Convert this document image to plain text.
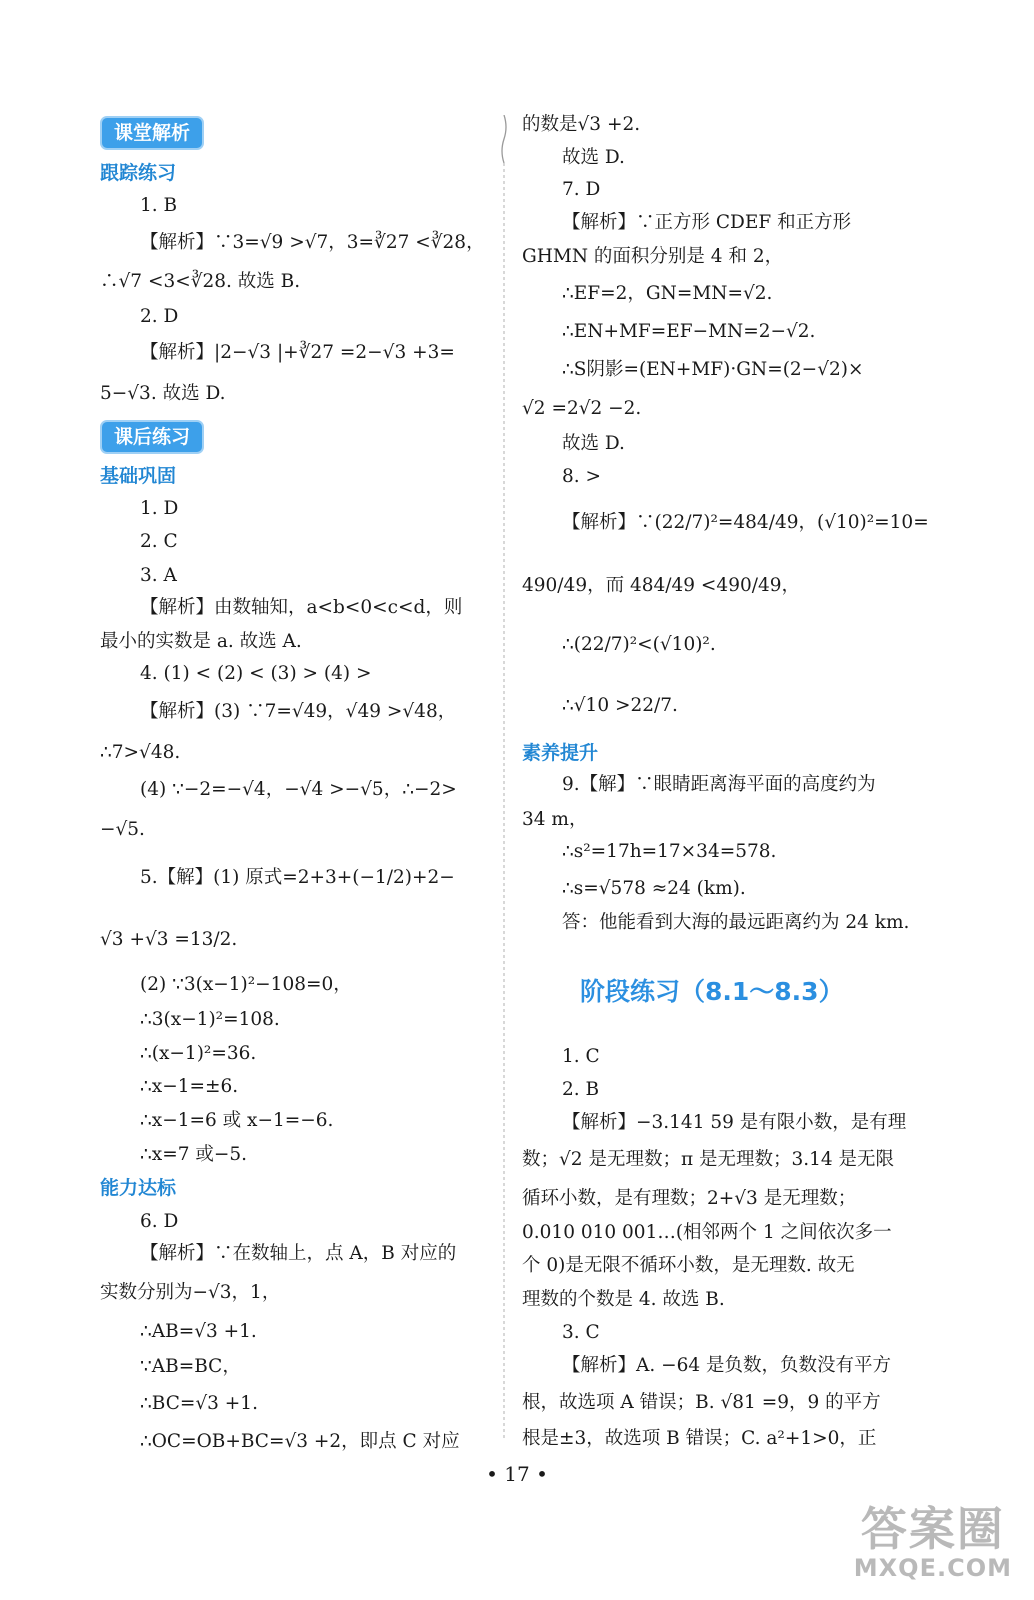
课堂解析
跟踪练习
1. B
【解析】∵3=√9 >√7，3=∛27 <∛28，
∴√7 <3<∛28. 故选 B.
2. D
【解析】|2−√3 |+∛27 =2−√3 +3=
5−√3. 故选 D.
课后练习
基础巩固
1. D
2. C
3. A
【解析】由数轴知，a<b<0<c<d，则
最小的实数是 a. 故选 A.
4. (1) < (2) < (3) > (4) >
【解析】(3) ∵7=√49，√49 >√48，
∴7>√48.
(4) ∵−2=−√4，−√4 >−√5，∴−2>
−√5.
5.【解】(1) 原式=2+3+(−1/2)+2−
√3 +√3 =13/2.
(2) ∵3(x−1)²−108=0，
∴3(x−1)²=108.
∴(x−1)²=36.
∴x−1=±6.
∴x−1=6 或 x−1=−6.
∴x=7 或−5.
能力达标
6. D
【解析】∵在数轴上，点 A，B 对应的
实数分别为−√3，1，
∴AB=√3 +1.
∵AB=BC，
∴BC=√3 +1.
∴OC=OB+BC=√3 +2，即点 C 对应
的数是√3 +2.
故选 D.
7. D
【解析】∵正方形 CDEF 和正方形
GHMN 的面积分别是 4 和 2，
∴EF=2，GN=MN=√2.
∴EN+MF=EF−MN=2−√2.
∴S阴影=(EN+MF)·GN=(2−√2)×
√2 =2√2 −2.
故选 D.
8. >
【解析】∵(22/7)²=484/49，(√10)²=10=
490/49，而 484/49 <490/49，
∴(22/7)²<(√10)².
∴√10 >22/7.
素养提升
9.【解】∵眼睛距离海平面的高度约为
34 m，
∴s²=17h=17×34=578.
∴s=√578 ≈24 (km).
答：他能看到大海的最远距离约为 24 km.
1. C
2. B
【解析】−3.141 59 是有限小数，是有理
数；√2 是无理数；π 是无理数；3.14 是无限
循环小数，是有理数；2+√3 是无理数；
0.010 010 001…(相邻两个 1 之间依次多一
个 0)是无限不循环小数，是无理数. 故无
理数的个数是 4. 故选 B.
3. C
【解析】A. −64 是负数，负数没有平方
根，故选项 A 错误；B. √81 =9，9 的平方
根是±3，故选项 B 错误；C. a²+1>0，正
阶段练习（8.1～8.3）
• 17 •
答案圈
MXQE.COM
